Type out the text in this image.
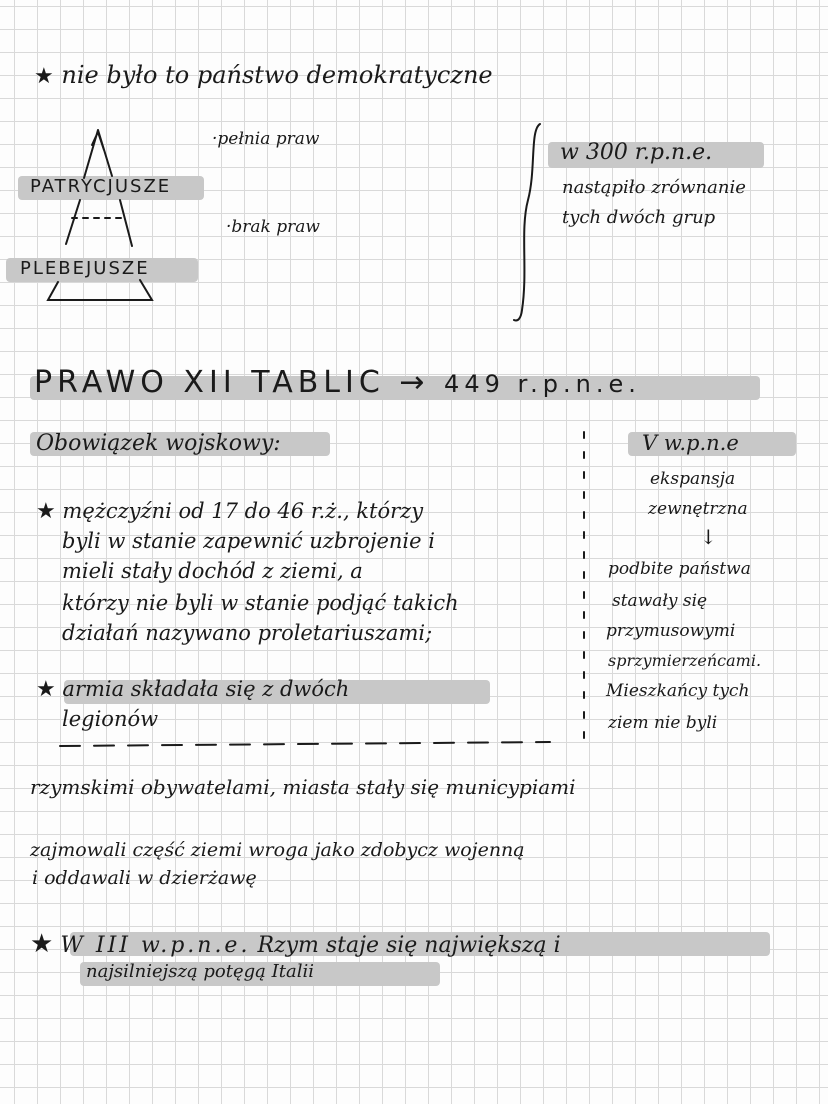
★ nie było to państwo demokratyczne
PATRYCJUSZE
PLEBEJUSZE
·pełnia praw
·brak praw
w 300 r.p.n.e.
nastąpiło zrównanie
tych dwóch grup
PRAWO XII TABLIC → 449 r.p.n.e.
Obowiązek wojskowy:
★ mężczyźni od 17 do 46 r.ż., którzy
byli w stanie zapewnić uzbrojenie i
mieli stały dochód z ziemi, a
którzy nie byli w stanie podjąć takich
działań nazywano proletariuszami;
★ armia składała się z dwóch
legionów
V w.p.n.e
ekspansja
zewnętrzna
↓
podbite państwa
stawały się
przymusowymi
sprzymierzeńcami.
Mieszkańcy tych
ziem nie byli
rzymskimi obywatelami, miasta stały się municypiami
zajmowali część ziemi wroga jako zdobycz wojenną
i oddawali w dzierżawę
★ W III w.p.n.e. Rzym staje się największą i
najsilniejszą potęgą Italii
